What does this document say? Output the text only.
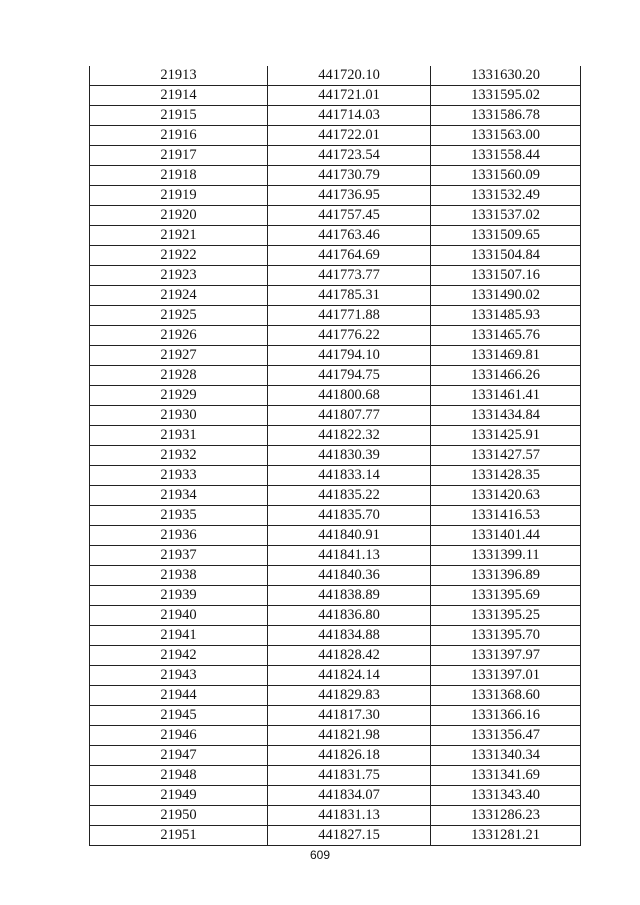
21913	441720.10	1331630.20
21914	441721.01	1331595.02
21915	441714.03	1331586.78
21916	441722.01	1331563.00
21917	441723.54	1331558.44
21918	441730.79	1331560.09
21919	441736.95	1331532.49
21920	441757.45	1331537.02
21921	441763.46	1331509.65
21922	441764.69	1331504.84
21923	441773.77	1331507.16
21924	441785.31	1331490.02
21925	441771.88	1331485.93
21926	441776.22	1331465.76
21927	441794.10	1331469.81
21928	441794.75	1331466.26
21929	441800.68	1331461.41
21930	441807.77	1331434.84
21931	441822.32	1331425.91
21932	441830.39	1331427.57
21933	441833.14	1331428.35
21934	441835.22	1331420.63
21935	441835.70	1331416.53
21936	441840.91	1331401.44
21937	441841.13	1331399.11
21938	441840.36	1331396.89
21939	441838.89	1331395.69
21940	441836.80	1331395.25
21941	441834.88	1331395.70
21942	441828.42	1331397.97
21943	441824.14	1331397.01
21944	441829.83	1331368.60
21945	441817.30	1331366.16
21946	441821.98	1331356.47
21947	441826.18	1331340.34
21948	441831.75	1331341.69
21949	441834.07	1331343.40
21950	441831.13	1331286.23
21951	441827.15	1331281.21
609
